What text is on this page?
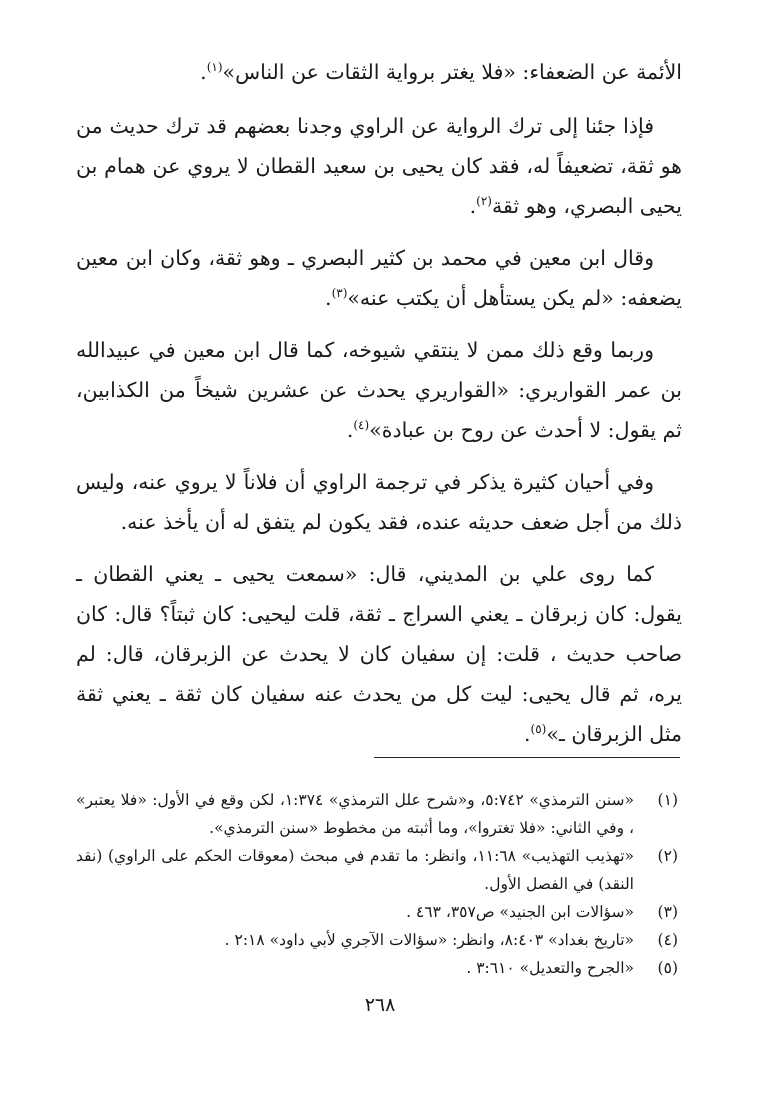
الأئمة عن الضعفاء: «فلا يغتر برواية الثقات عن الناس»$^{(١)}$.

فإذا جئنا إلى ترك الرواية عن الراوي وجدنا بعضهم قد ترك حديث من هو ثقة، تضعيفاً له، فقد كان يحيى بن سعيد القطان لا يروي عن همام بن يحيى البصري، وهو ثقة$^{(٢)}$.

وقال ابن معين في محمد بن كثير البصري ـ وهو ثقة، وكان ابن معين يضعفه: «لم يكن يستأهل أن يكتب عنه»$^{(٣)}$.

وربما وقع ذلك ممن لا ينتقي شيوخه، كما قال ابن معين في عبيدالله بن عمر القواريري: «القواريري يحدث عن عشرين شيخاً من الكذابين، ثم يقول: لا أحدث عن روح بن عبادة»$^{(٤)}$.

وفي أحيان كثيرة يذكر في ترجمة الراوي أن فلاناً لا يروي عنه، وليس ذلك من أجل ضعف حديثه عنده، فقد يكون لم يتفق له أن يأخذ عنه.

كما روى علي بن المديني، قال: «سمعت يحيى ـ يعني القطان ـ يقول: كان زبرقان ـ يعني السراج ـ ثقة، قلت ليحيى: كان ثبتاً؟ قال: كان صاحب حديث ، قلت: إن سفيان كان لا يحدث عن الزبرقان، قال: لم يره، ثم قال يحيى: ليت كل من يحدث عنه سفيان كان ثقة ـ يعني ثقة مثل الزبرقان ـ»$^{(٥)}$.

(١)
«سنن الترمذي» ٥:٧٤٢، و«شرح علل الترمذي» ١:٣٧٤، لكن وقع في الأول: «فلا يعتبر» ، وفي الثاني: «فلا تغتروا»، وما أثبته من مخطوط «سنن الترمذي».
(٢)
«تهذيب التهذيب» ١١:٦٨، وانظر: ما تقدم في مبحث (معوقات الحكم على الراوي) (نقد النقد) في الفصل الأول.
(٣)
«سؤالات ابن الجنيد» ص٣٥٧، ٤٦٣ .
(٤)
«تاريخ بغداد» ٨:٤٠٣، وانظر: «سؤالات الآجري لأبي داود» ٢:١٨ .
(٥)
«الجرح والتعديل» ٣:٦١٠ .
٢٦٨
